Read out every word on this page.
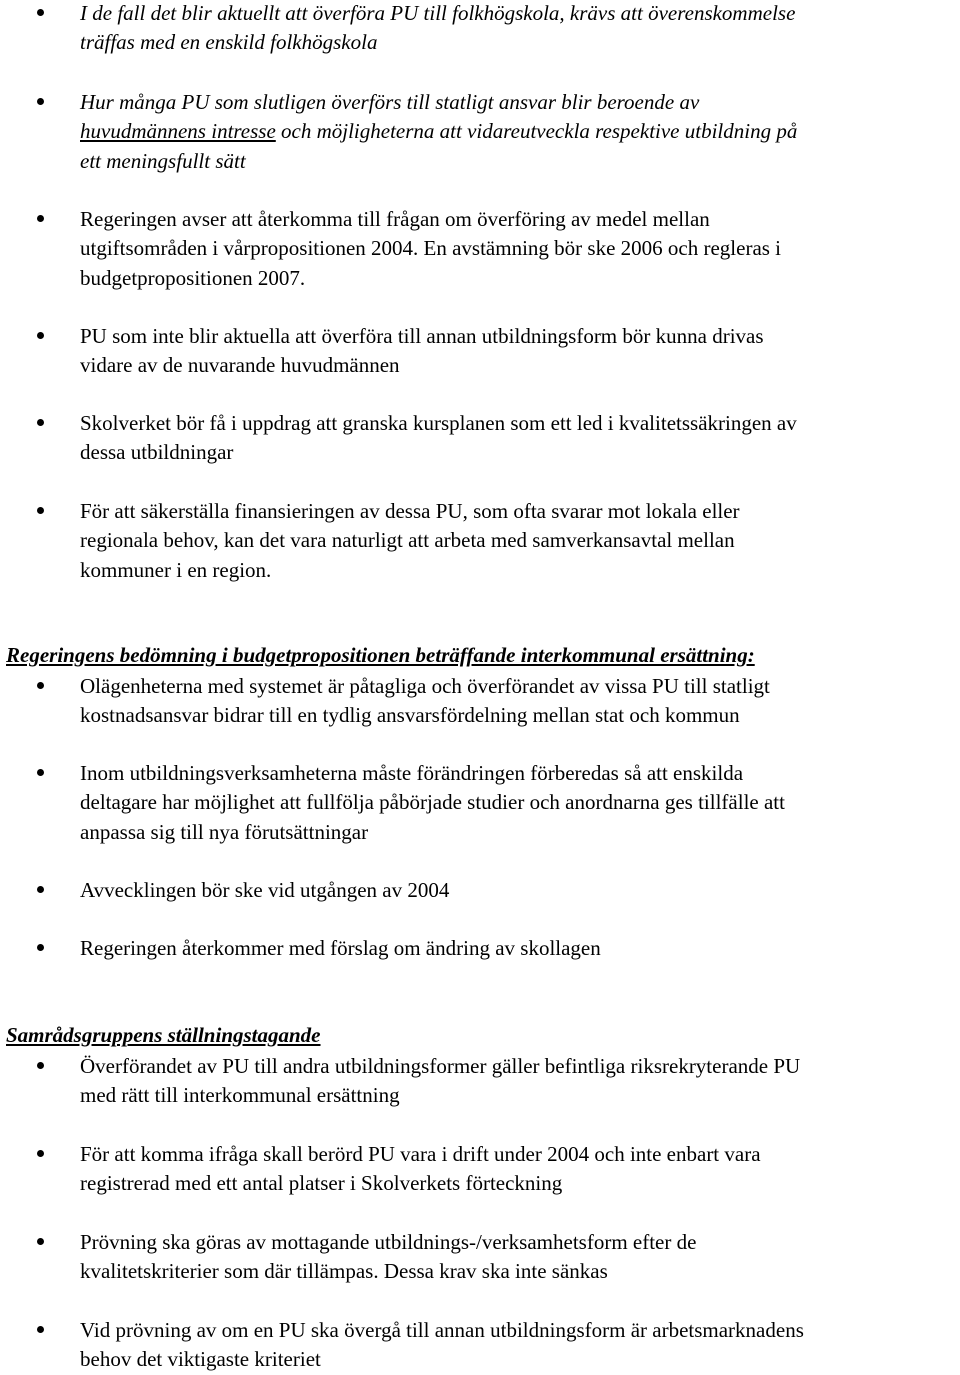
I de fall det blir aktuellt att överföra PU till folkhögskola, krävs att överenskommelse
träffas med en enskild folkhögskola

Hur många PU som slutligen överförs till statligt ansvar blir beroende av
huvudmännens intresse och möjligheterna att vidareutveckla respektive utbildning på
ett meningsfullt sätt

Regeringen avser att återkomma till frågan om överföring av medel mellan
utgiftsområden i vårpropositionen 2004. En avstämning bör ske 2006 och regleras i
budgetpropositionen 2007.

PU som inte blir aktuella att överföra till annan utbildningsform bör kunna drivas
vidare av de nuvarande huvudmännen

Skolverket bör få i uppdrag att granska kursplanen som ett led i kvalitetssäkringen av
dessa utbildningar

För att säkerställa finansieringen av dessa PU, som ofta svarar mot lokala eller
regionala behov, kan det vara naturligt att arbeta med samverkansavtal mellan
kommuner i en region.

Regeringens bedömning i budgetpropositionen beträffande interkommunal ersättning:

Olägenheterna med systemet är påtagliga och överförandet av vissa PU till statligt
kostnadsansvar bidrar till en tydlig ansvarsfördelning mellan stat och kommun

Inom utbildningsverksamheterna måste förändringen förberedas så att enskilda
deltagare har möjlighet att fullfölja påbörjade studier och anordnarna ges tillfälle att
anpassa sig till nya förutsättningar

Avvecklingen bör ske vid utgången av 2004

Regeringen återkommer med förslag om ändring av skollagen

Samrådsgruppens ställningstagande

Överförandet av PU till andra utbildningsformer gäller befintliga riksrekryterande PU
med rätt till interkommunal ersättning

För att komma ifråga skall berörd PU vara i drift under 2004 och inte enbart vara
registrerad med ett antal platser i Skolverkets förteckning

Prövning ska göras av mottagande utbildnings-/verksamhetsform efter de
kvalitetskriterier som där tillämpas. Dessa krav ska inte sänkas

Vid prövning av om en PU ska övergå till annan utbildningsform är arbetsmarknadens
behov det viktigaste kriteriet
